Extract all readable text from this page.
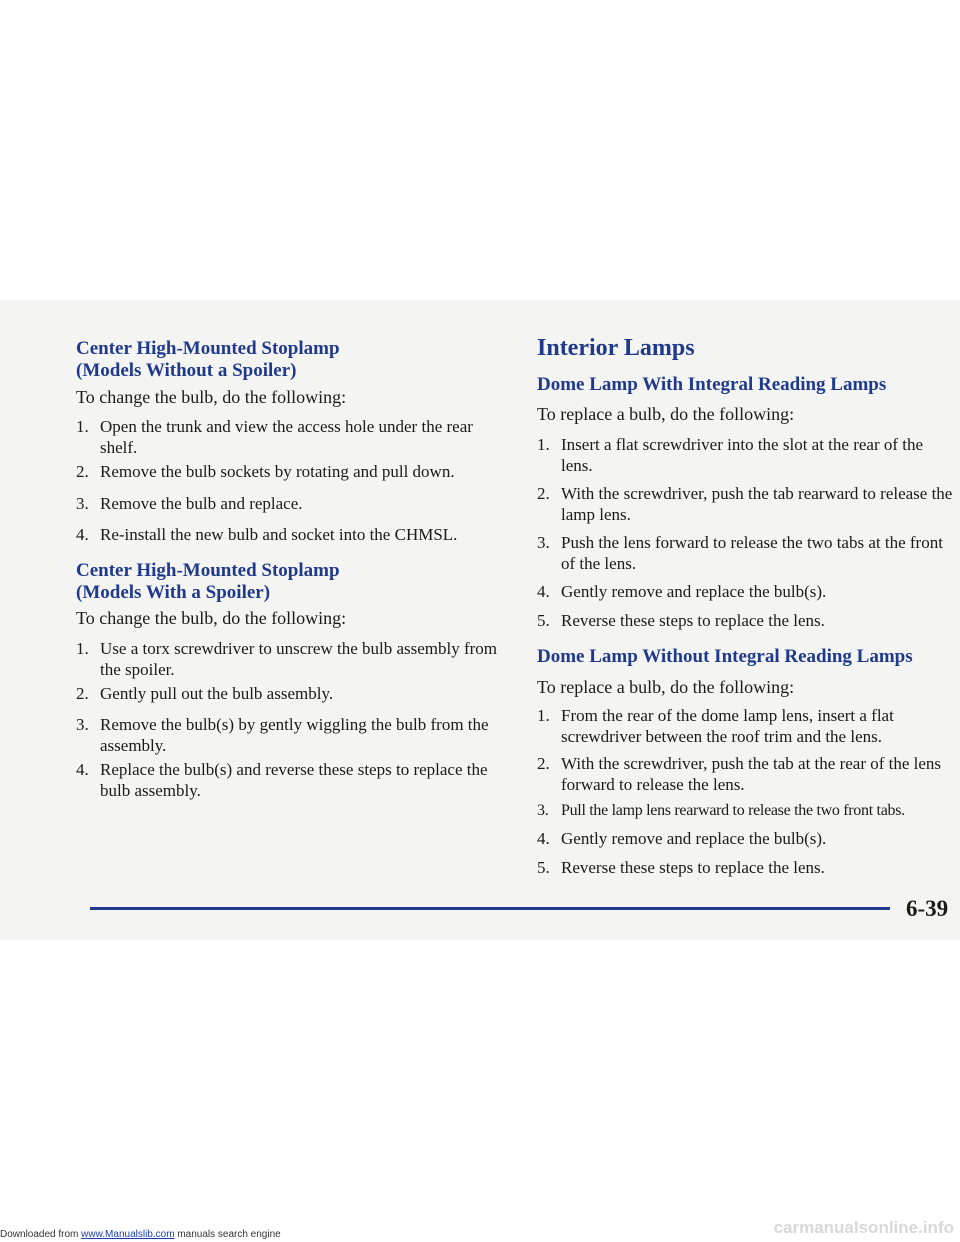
Center High-Mounted Stoplamp
(Models Without a Spoiler)

To change the bulb, do the following:

1. Open the trunk and view the access hole under the rear shelf.
2. Remove the bulb sockets by rotating and pull down.
3. Remove the bulb and replace.
4. Re-install the new bulb and socket into the CHMSL.
Center High-Mounted Stoplamp
(Models With a Spoiler)

To change the bulb, do the following:

1. Use a torx screwdriver to unscrew the bulb assembly from the spoiler.
2. Gently pull out the bulb assembly.
3. Remove the bulb(s) by gently wiggling the bulb from the assembly.
4. Replace the bulb(s) and reverse these steps to replace the bulb assembly.
Interior Lamps
Dome Lamp With Integral Reading Lamps

To replace a bulb, do the following:

1. Insert a flat screwdriver into the slot at the rear of the lens.
2. With the screwdriver, push the tab rearward to release the lamp lens.
3. Push the lens forward to release the two tabs at the front of the lens.
4. Gently remove and replace the bulb(s).
5. Reverse these steps to replace the lens.
Dome Lamp Without Integral Reading Lamps

To replace a bulb, do the following:

1. From the rear of the dome lamp lens, insert a flat screwdriver between the roof trim and the lens.
2. With the screwdriver, push the tab at the rear of the lens forward to release the lens.
3. Pull the lamp lens rearward to release the two front tabs.
4. Gently remove and replace the bulb(s).
5. Reverse these steps to replace the lens.
6-39
Downloaded from www.Manualslib.com manuals search engine	carmanualsonline.info
